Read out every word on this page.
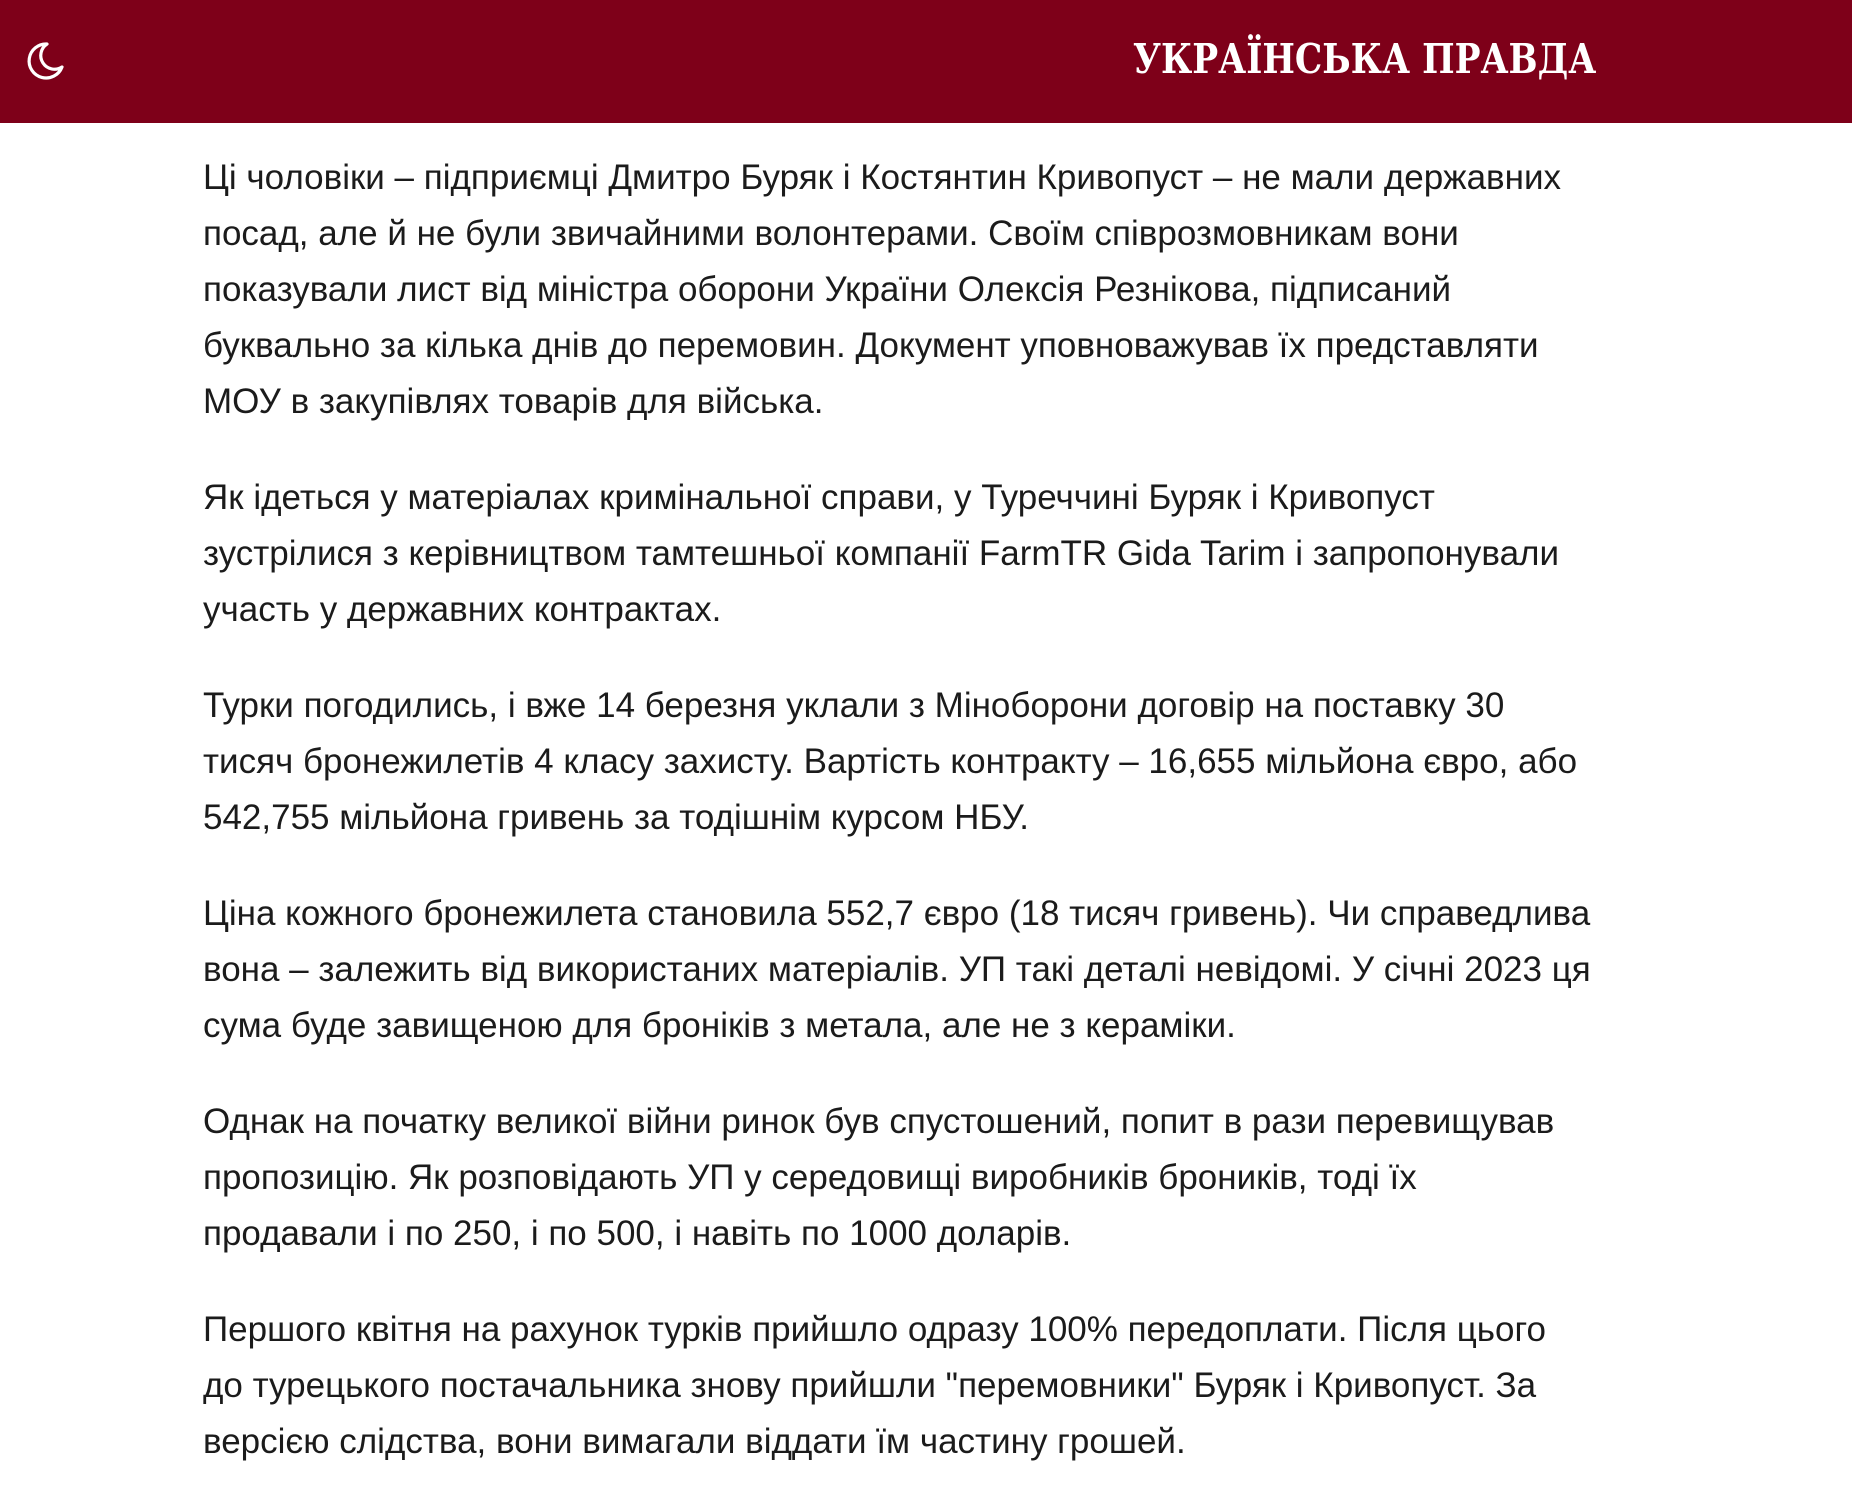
УКРАЇНСЬКА ПРАВДА

Ці чоловіки – підприємці Дмитро Буряк і Костянтин Кривопуст – не мали державних
посад, але й не були звичайними волонтерами. Своїм співрозмовникам вони
показували лист від міністра оборони України Олексія Резнікова, підписаний
буквально за кілька днів до перемовин. Документ уповноважував їх представляти
МОУ в закупівлях товарів для війська.

Як ідеться у матеріалах кримінальної справи, у Туреччині Буряк і Кривопуст
зустрілися з керівництвом тамтешньої компанії FarmTR Gida Tarim і запропонували
участь у державних контрактах.

Турки погодились, і вже 14 березня уклали з Міноборони договір на поставку 30
тисяч бронежилетів 4 класу захисту. Вартість контракту – 16,655 мільйона євро, або
542,755 мільйона гривень за тодішнім курсом НБУ.

Ціна кожного бронежилета становила 552,7 євро (18 тисяч гривень). Чи справедлива
вона – залежить від використаних матеріалів. УП такі деталі невідомі. У січні 2023 ця
сума буде завищеною для броніків з метала, але не з кераміки.

Однак на початку великої війни ринок був спустошений, попит в рази перевищував
пропозицію. Як розповідають УП у середовищі виробників броників, тоді їх
продавали і по 250, і по 500, і навіть по 1000 доларів.

Першого квітня на рахунок турків прийшло одразу 100% передоплати. Після цього
до турецького постачальника знову прийшли "перемовники" Буряк і Кривопуст. За
версією слідства, вони вимагали віддати їм частину грошей.
